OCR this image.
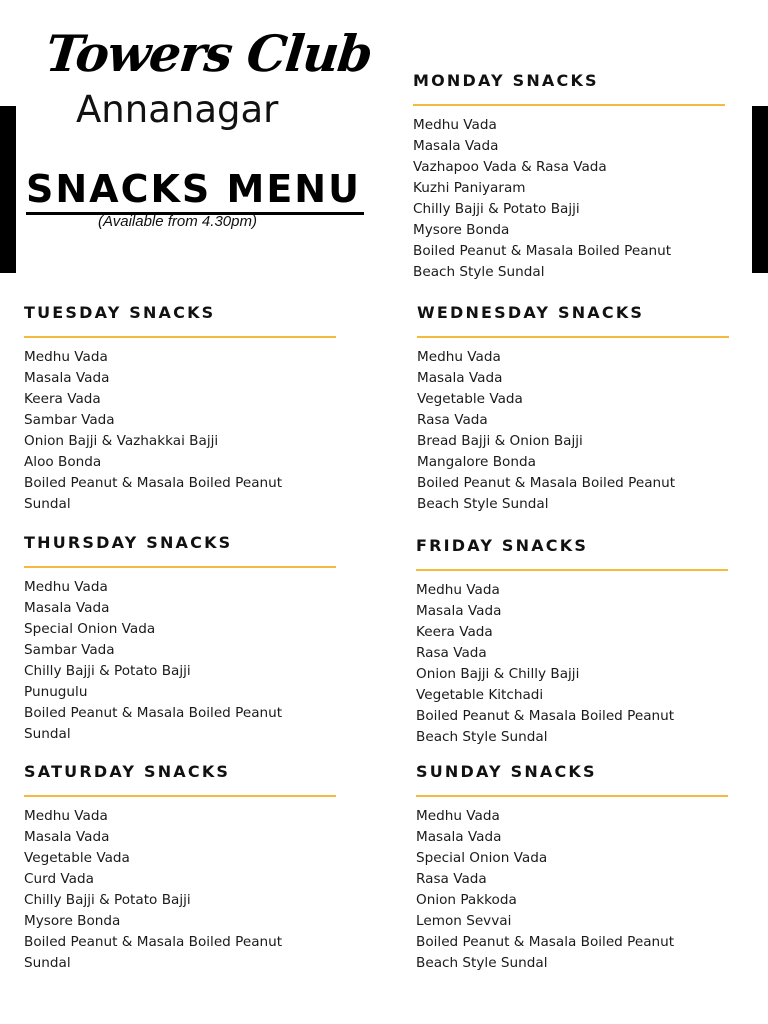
Towers Club
Annanagar
SNACKS MENU
(Available from 4.30pm)
MONDAY SNACKS
Medhu Vada
Masala Vada
Vazhapoo Vada & Rasa Vada
Kuzhi Paniyaram
Chilly Bajji & Potato Bajji
Mysore Bonda
Boiled Peanut & Masala Boiled Peanut
Beach Style Sundal
TUESDAY SNACKS
Medhu Vada
Masala Vada
Keera Vada
Sambar Vada
Onion Bajji & Vazhakkai Bajji
Aloo Bonda
Boiled Peanut & Masala Boiled Peanut
Sundal
WEDNESDAY SNACKS
Medhu Vada
Masala Vada
Vegetable Vada
Rasa Vada
Bread Bajji & Onion Bajji
Mangalore Bonda
Boiled Peanut & Masala Boiled Peanut
Beach Style Sundal
THURSDAY SNACKS
Medhu Vada
Masala Vada
Special Onion Vada
Sambar Vada
Chilly Bajji & Potato Bajji
Punugulu
Boiled Peanut & Masala Boiled Peanut
Sundal
FRIDAY SNACKS
Medhu Vada
Masala Vada
Keera Vada
Rasa Vada
Onion Bajji & Chilly Bajji
Vegetable Kitchadi
Boiled Peanut & Masala Boiled Peanut
Beach Style Sundal
SATURDAY SNACKS
Medhu Vada
Masala Vada
Vegetable Vada
Curd Vada
Chilly Bajji & Potato Bajji
Mysore Bonda
Boiled Peanut & Masala Boiled Peanut
Sundal
SUNDAY SNACKS
Medhu Vada
Masala Vada
Special Onion Vada
Rasa Vada
Onion Pakkoda
Lemon Sevvai
Boiled Peanut & Masala Boiled Peanut
Beach Style Sundal
